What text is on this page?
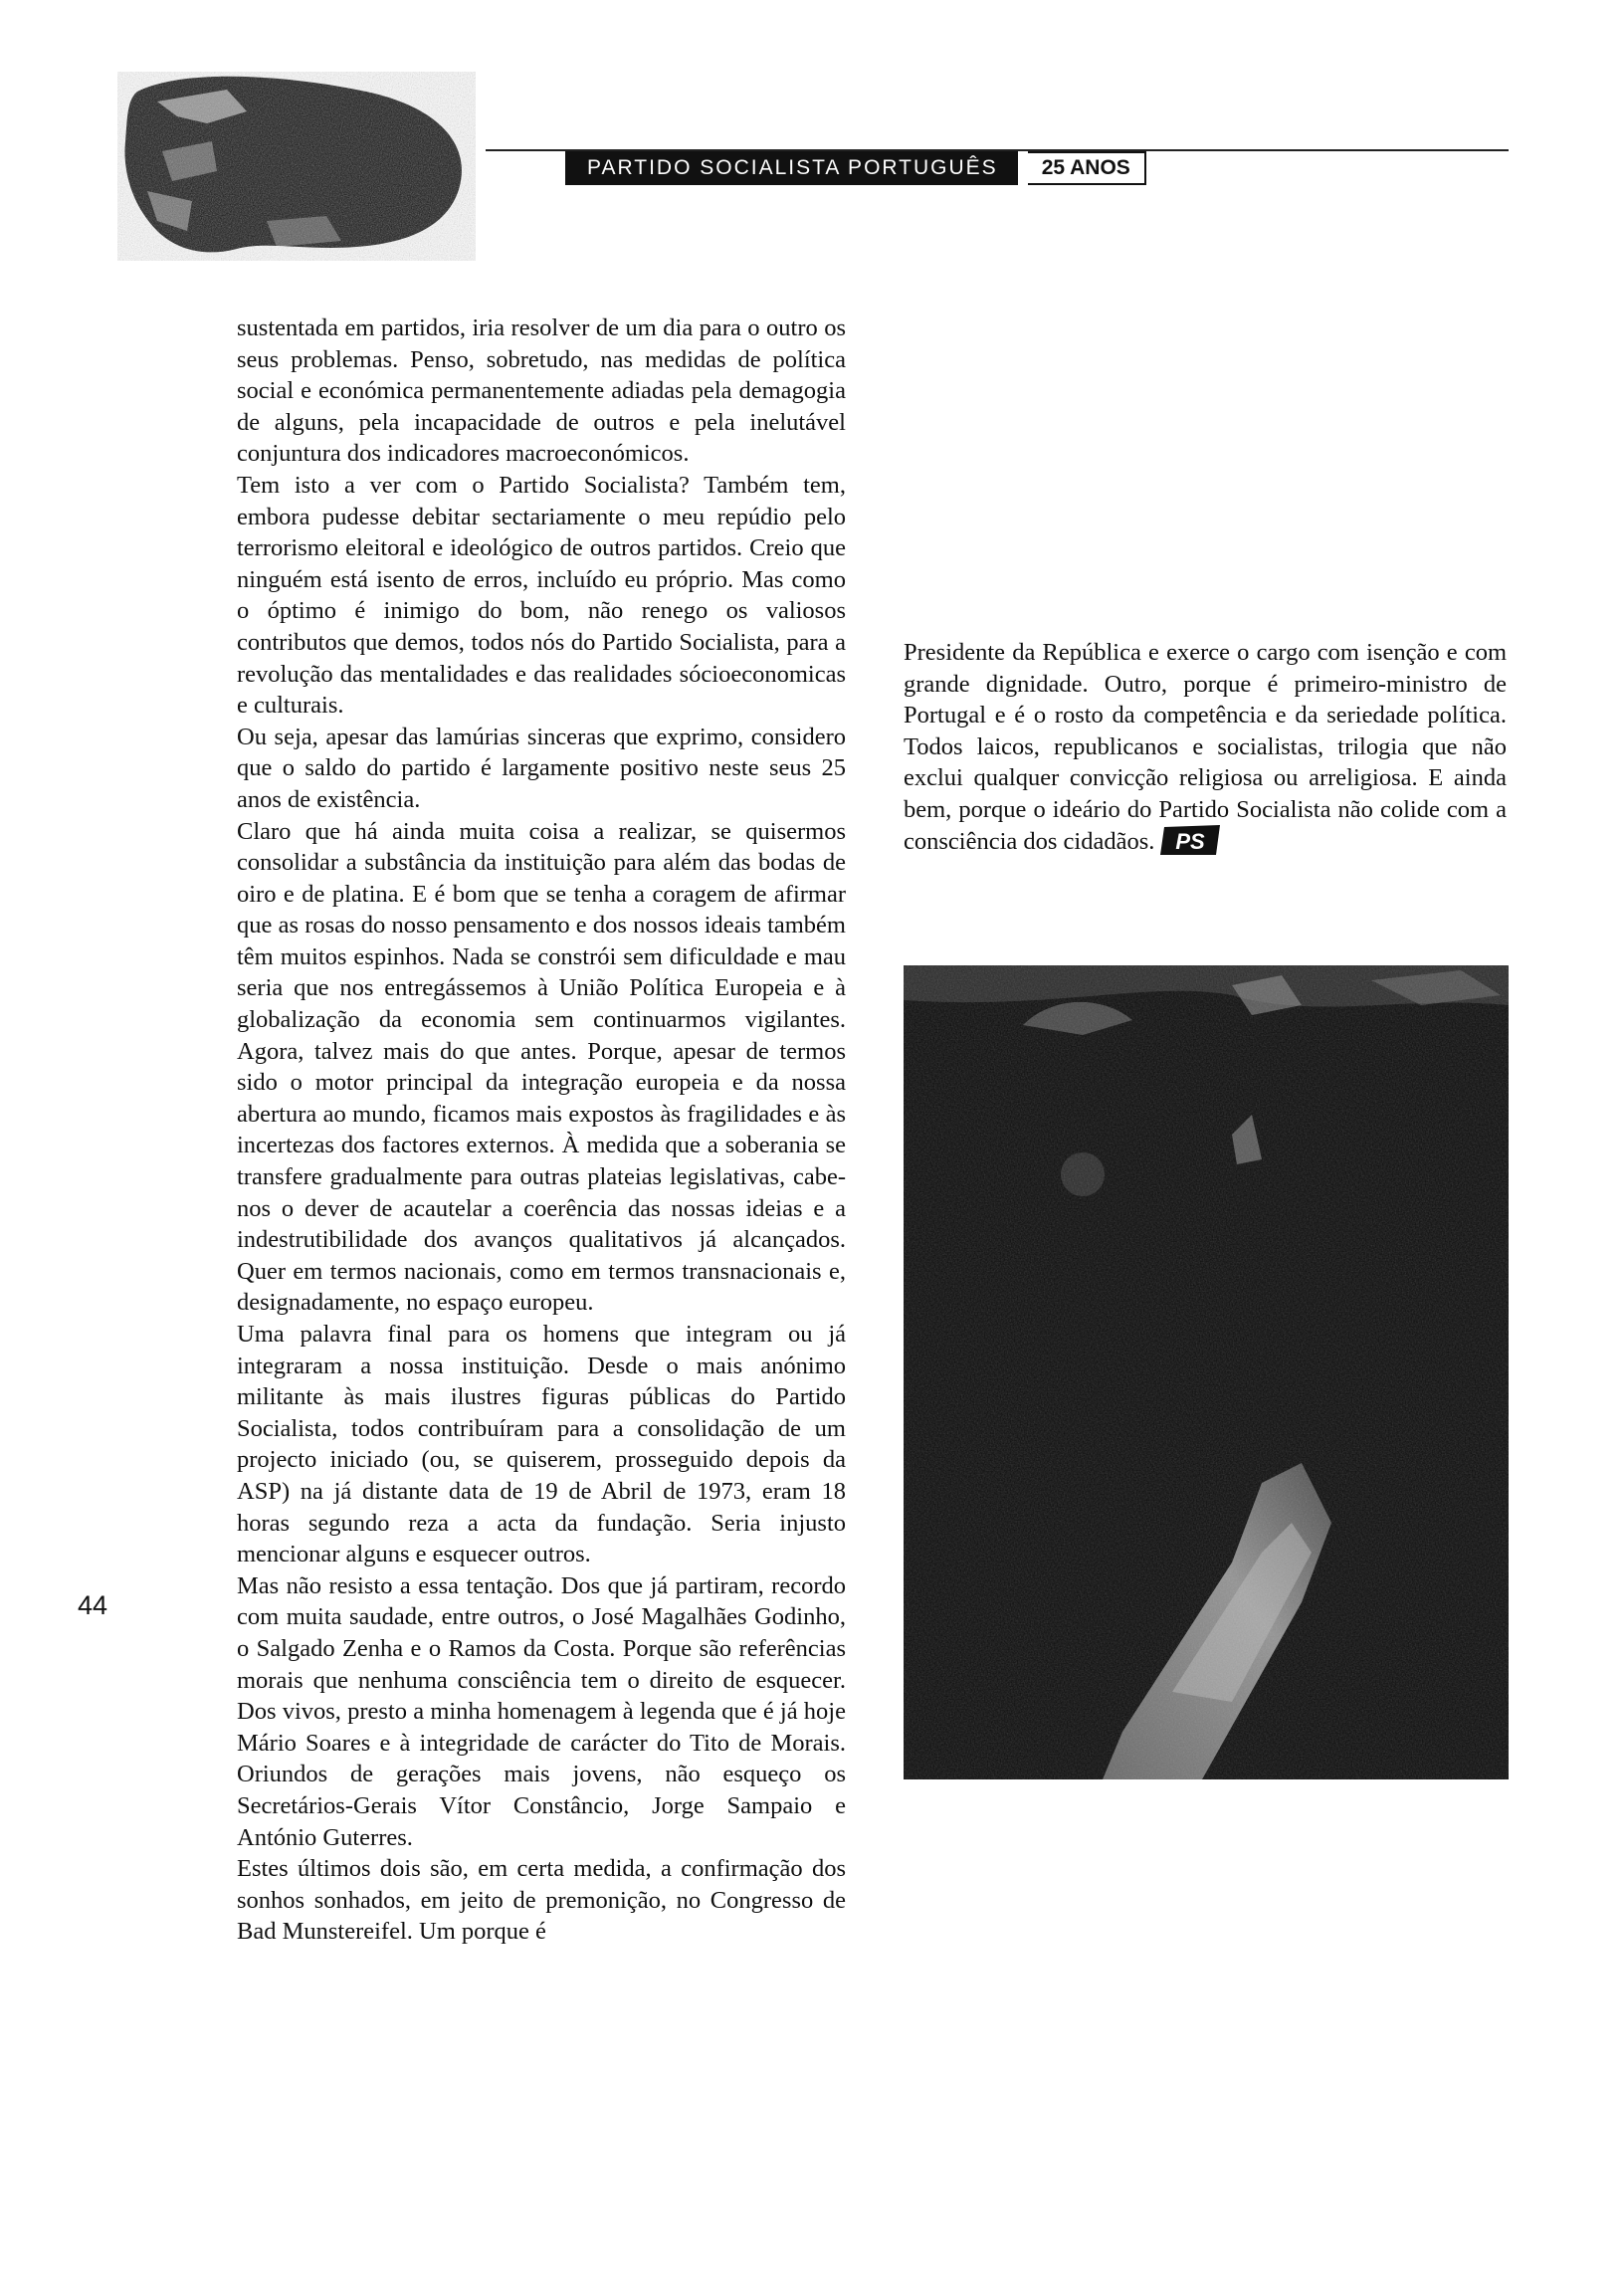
PARTIDO SOCIALISTA PORTUGUÊS	25 ANOS

sustentada em partidos, iria resolver de um dia para o outro os seus problemas. Penso, sobretudo, nas medidas de política social e económica permanentemente adiadas pela demagogia de alguns, pela incapacidade de outros e pela inelutável conjuntura dos indicadores macroeconómicos.

Tem isto a ver com o Partido Socialista? Também tem, embora pudesse debitar sectariamente o meu repúdio pelo terrorismo eleitoral e ideológico de outros partidos. Creio que ninguém está isento de erros, incluído eu próprio. Mas como o óptimo é inimigo do bom, não renego os valiosos contributos que demos, todos nós do Partido Socialista, para a revolução das mentalidades e das realidades sócioeconomicas e culturais.

Ou seja, apesar das lamúrias sinceras que exprimo, considero que o saldo do partido é largamente positivo neste seus 25 anos de existência.

Claro que há ainda muita coisa a realizar, se quisermos consolidar a substância da instituição para além das bodas de oiro e de platina. E é bom que se tenha a coragem de afirmar que as rosas do nosso pensamento e dos nossos ideais também têm muitos espinhos. Nada se constrói sem dificuldade e mau seria que nos entregássemos à União Política Europeia e à globalização da economia sem continuarmos vigilantes. Agora, talvez mais do que antes. Porque, apesar de termos sido o motor principal da integração europeia e da nossa abertura ao mundo, ficamos mais expostos às fragilidades e às incertezas dos factores externos. À medida que a soberania se transfere gradualmente para outras plateias legislativas, cabe-nos o dever de acautelar a coerência das nossas ideias e a indestrutibilidade dos avanços qualitativos já alcançados. Quer em termos nacionais, como em termos transnacionais e, designadamente, no espaço europeu.

Uma palavra final para os homens que integram ou já integraram a nossa instituição. Desde o mais anónimo militante às mais ilustres figuras públicas do Partido Socialista, todos contribuíram para a consolidação de um projecto iniciado (ou, se quiserem, prosseguido depois da ASP) na já distante data de 19 de Abril de 1973, eram 18 horas segundo reza a acta da fundação. Seria injusto mencionar alguns e esquecer outros.

Mas não resisto a essa tentação. Dos que já partiram, recordo com muita saudade, entre outros, o José Magalhães Godinho, o Salgado Zenha e o Ramos da Costa. Porque são referências morais que nenhuma consciência tem o direito de esquecer. Dos vivos, presto a minha homenagem à legenda que é já hoje Mário Soares e à integridade de carácter do Tito de Morais. Oriundos de gerações mais jovens, não esqueço os Secretários-Gerais Vítor Constâncio, Jorge Sampaio e António Guterres.

Estes últimos dois são, em certa medida, a confirmação dos sonhos sonhados, em jeito de premonição, no Congresso de Bad Munstereifel. Um porque é

44

Presidente da República e exerce o cargo com isenção e com grande dignidade. Outro, porque é primeiro-ministro de Portugal e é o rosto da competência e da seriedade política. Todos laicos, republicanos e socialistas, trilogia que não exclui qualquer convicção religiosa ou arreligiosa. E ainda bem, porque o ideário do Partido Socialista não colide com a consciência dos cidadãos. PS
